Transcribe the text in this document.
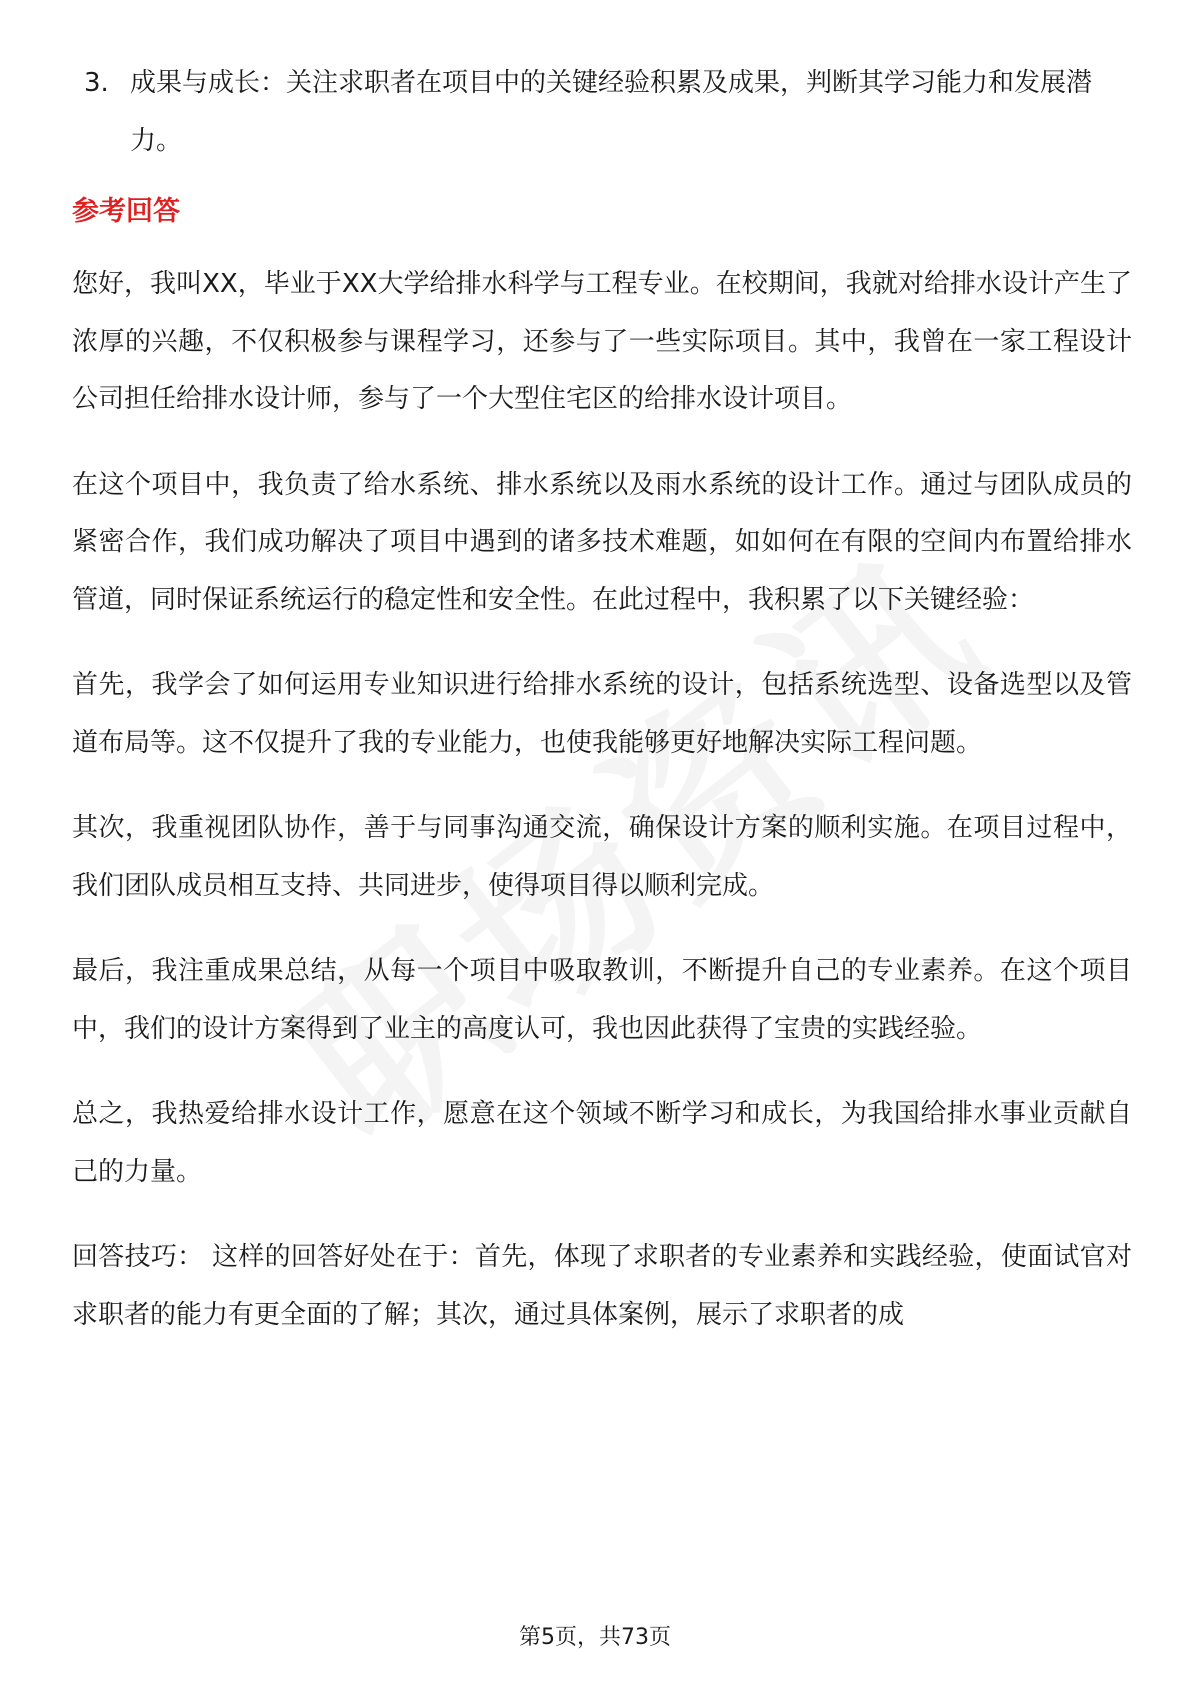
3. 成果与成长：关注求职者在项目中的关键经验积累及成果，判断其学习能力和发展潜力。
参考回答

您好，我叫XX，毕业于XX大学给排水科学与工程专业。在校期间，我就对给排水设计产生了浓厚的兴趣，不仅积极参与课程学习，还参与了一些实际项目。其中，我曾在一家工程设计公司担任给排水设计师，参与了一个大型住宅区的给排水设计项目。

在这个项目中，我负责了给水系统、排水系统以及雨水系统的设计工作。通过与团队成员的紧密合作，我们成功解决了项目中遇到的诸多技术难题，如如何在有限的空间内布置给排水管道，同时保证系统运行的稳定性和安全性。在此过程中，我积累了以下关键经验：

首先，我学会了如何运用专业知识进行给排水系统的设计，包括系统选型、设备选型以及管道布局等。这不仅提升了我的专业能力，也使我能够更好地解决实际工程问题。

其次，我重视团队协作，善于与同事沟通交流，确保设计方案的顺利实施。在项目过程中，我们团队成员相互支持、共同进步，使得项目得以顺利完成。

最后，我注重成果总结，从每一个项目中吸取教训，不断提升自己的专业素养。在这个项目中，我们的设计方案得到了业主的高度认可，我也因此获得了宝贵的实践经验。

总之，我热爱给排水设计工作，愿意在这个领域不断学习和成长，为我国给排水事业贡献自己的力量。

回答技巧： 这样的回答好处在于：首先，体现了求职者的专业素养和实践经验，使面试官对求职者的能力有更全面的了解；其次，通过具体案例，展示了求职者的成

第5页，共73页
